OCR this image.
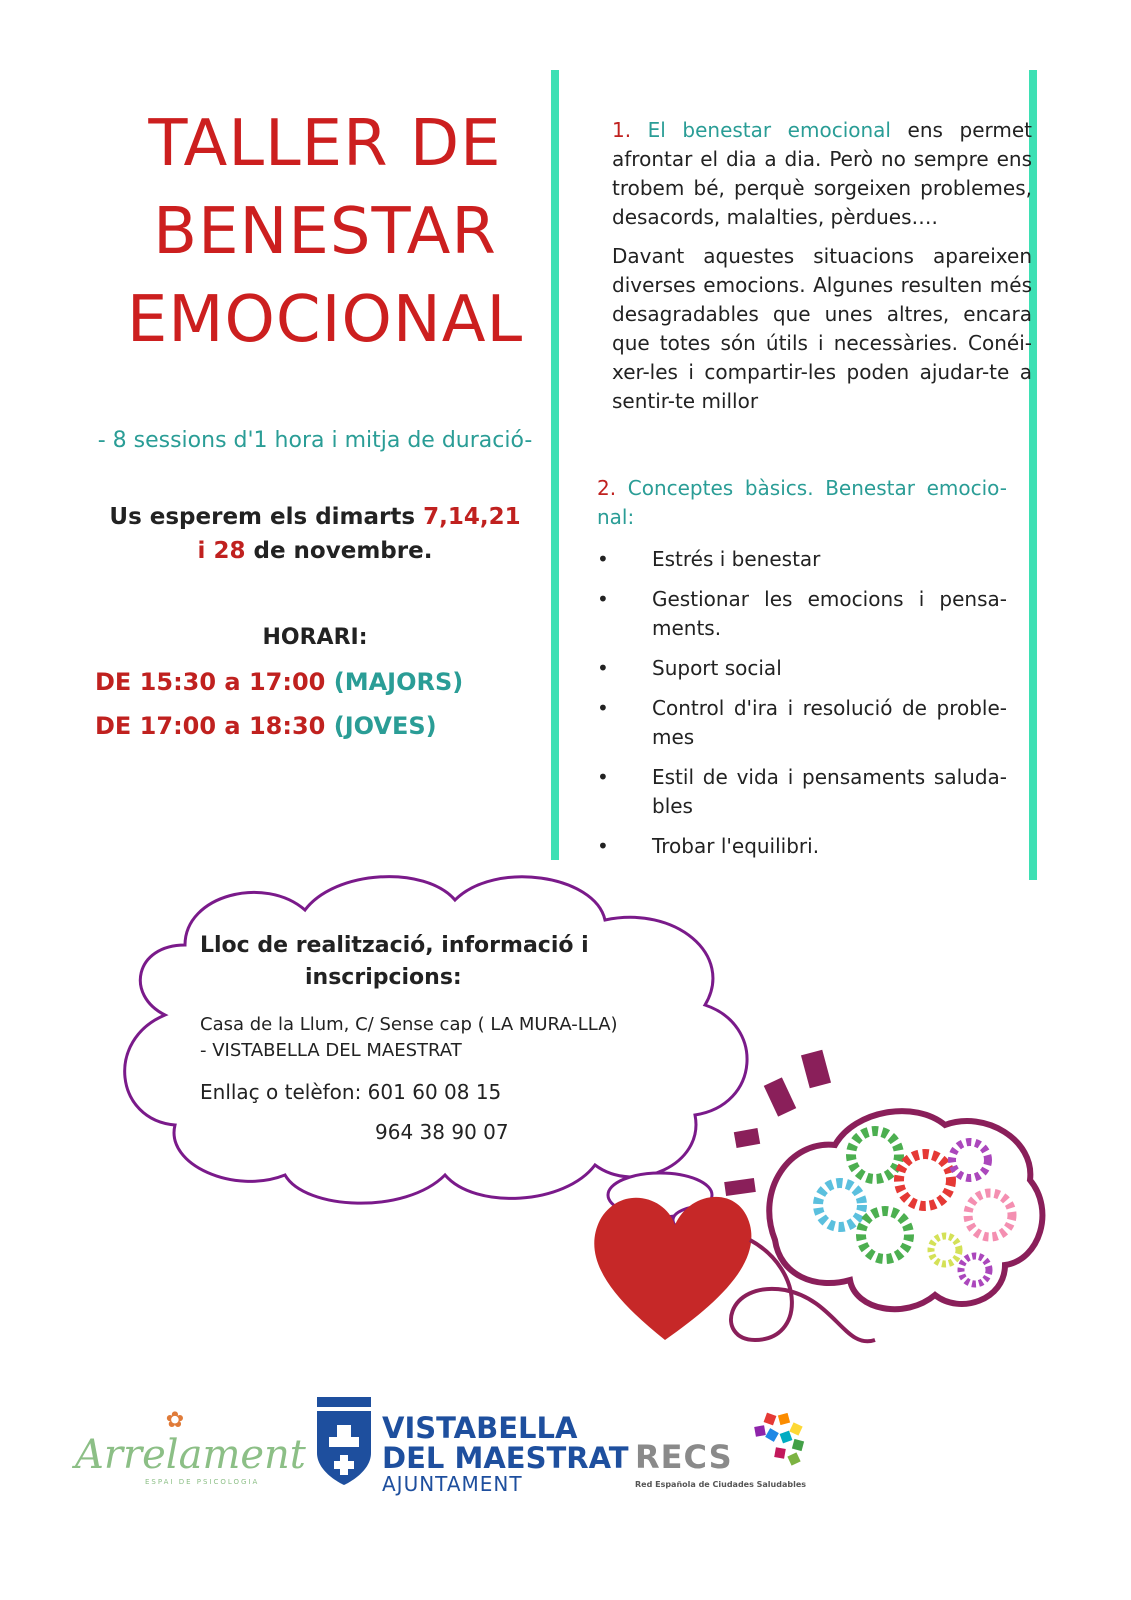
TALLER DE
BENESTAR
EMOCIONAL
- 8 sessions d'1 hora i mitja de duració-
Us esperem els dimarts 7,14,21
i 28 de novembre.
HORARI:
DE 15:30 a 17:00 (MAJORS)
DE 17:00 a 18:30 (JOVES)

1. El benestar emocional ens permet afrontar el dia a dia. Però no sempre ens trobem bé, perquè sorgeixen problemes, desacords, malalties, pèrdues….

Davant aquestes situacions apareixen diverses emocions. Algunes resulten més desagradables que unes altres, encara que totes són útils i necessàries. Conéi-xer-les i compartir-les poden ajudar-te a sentir-te millor

2. Conceptes bàsics. Benestar emocio-nal:
• Estrés i benestar
• Gestionar les emocions i pensa-ments.
• Suport social
• Control d'ira i resolució de proble-mes
• Estil de vida i pensaments saluda-bles
• Trobar l'equilibri.
Lloc de realització, informació i
inscripcions:
Casa de la Llum, C/ Sense cap ( LA MURA-LLA) - VISTABELLA DEL MAESTRAT
Enllaç o telèfon: 601 60 08 15
964 38 90 07
✿
Arrelament
ESPAI DE PSICOLOGIA
VISTABELLA
DEL MAESTRAT
AJUNTAMENT
RECS
Red Española de Ciudades Saludables
